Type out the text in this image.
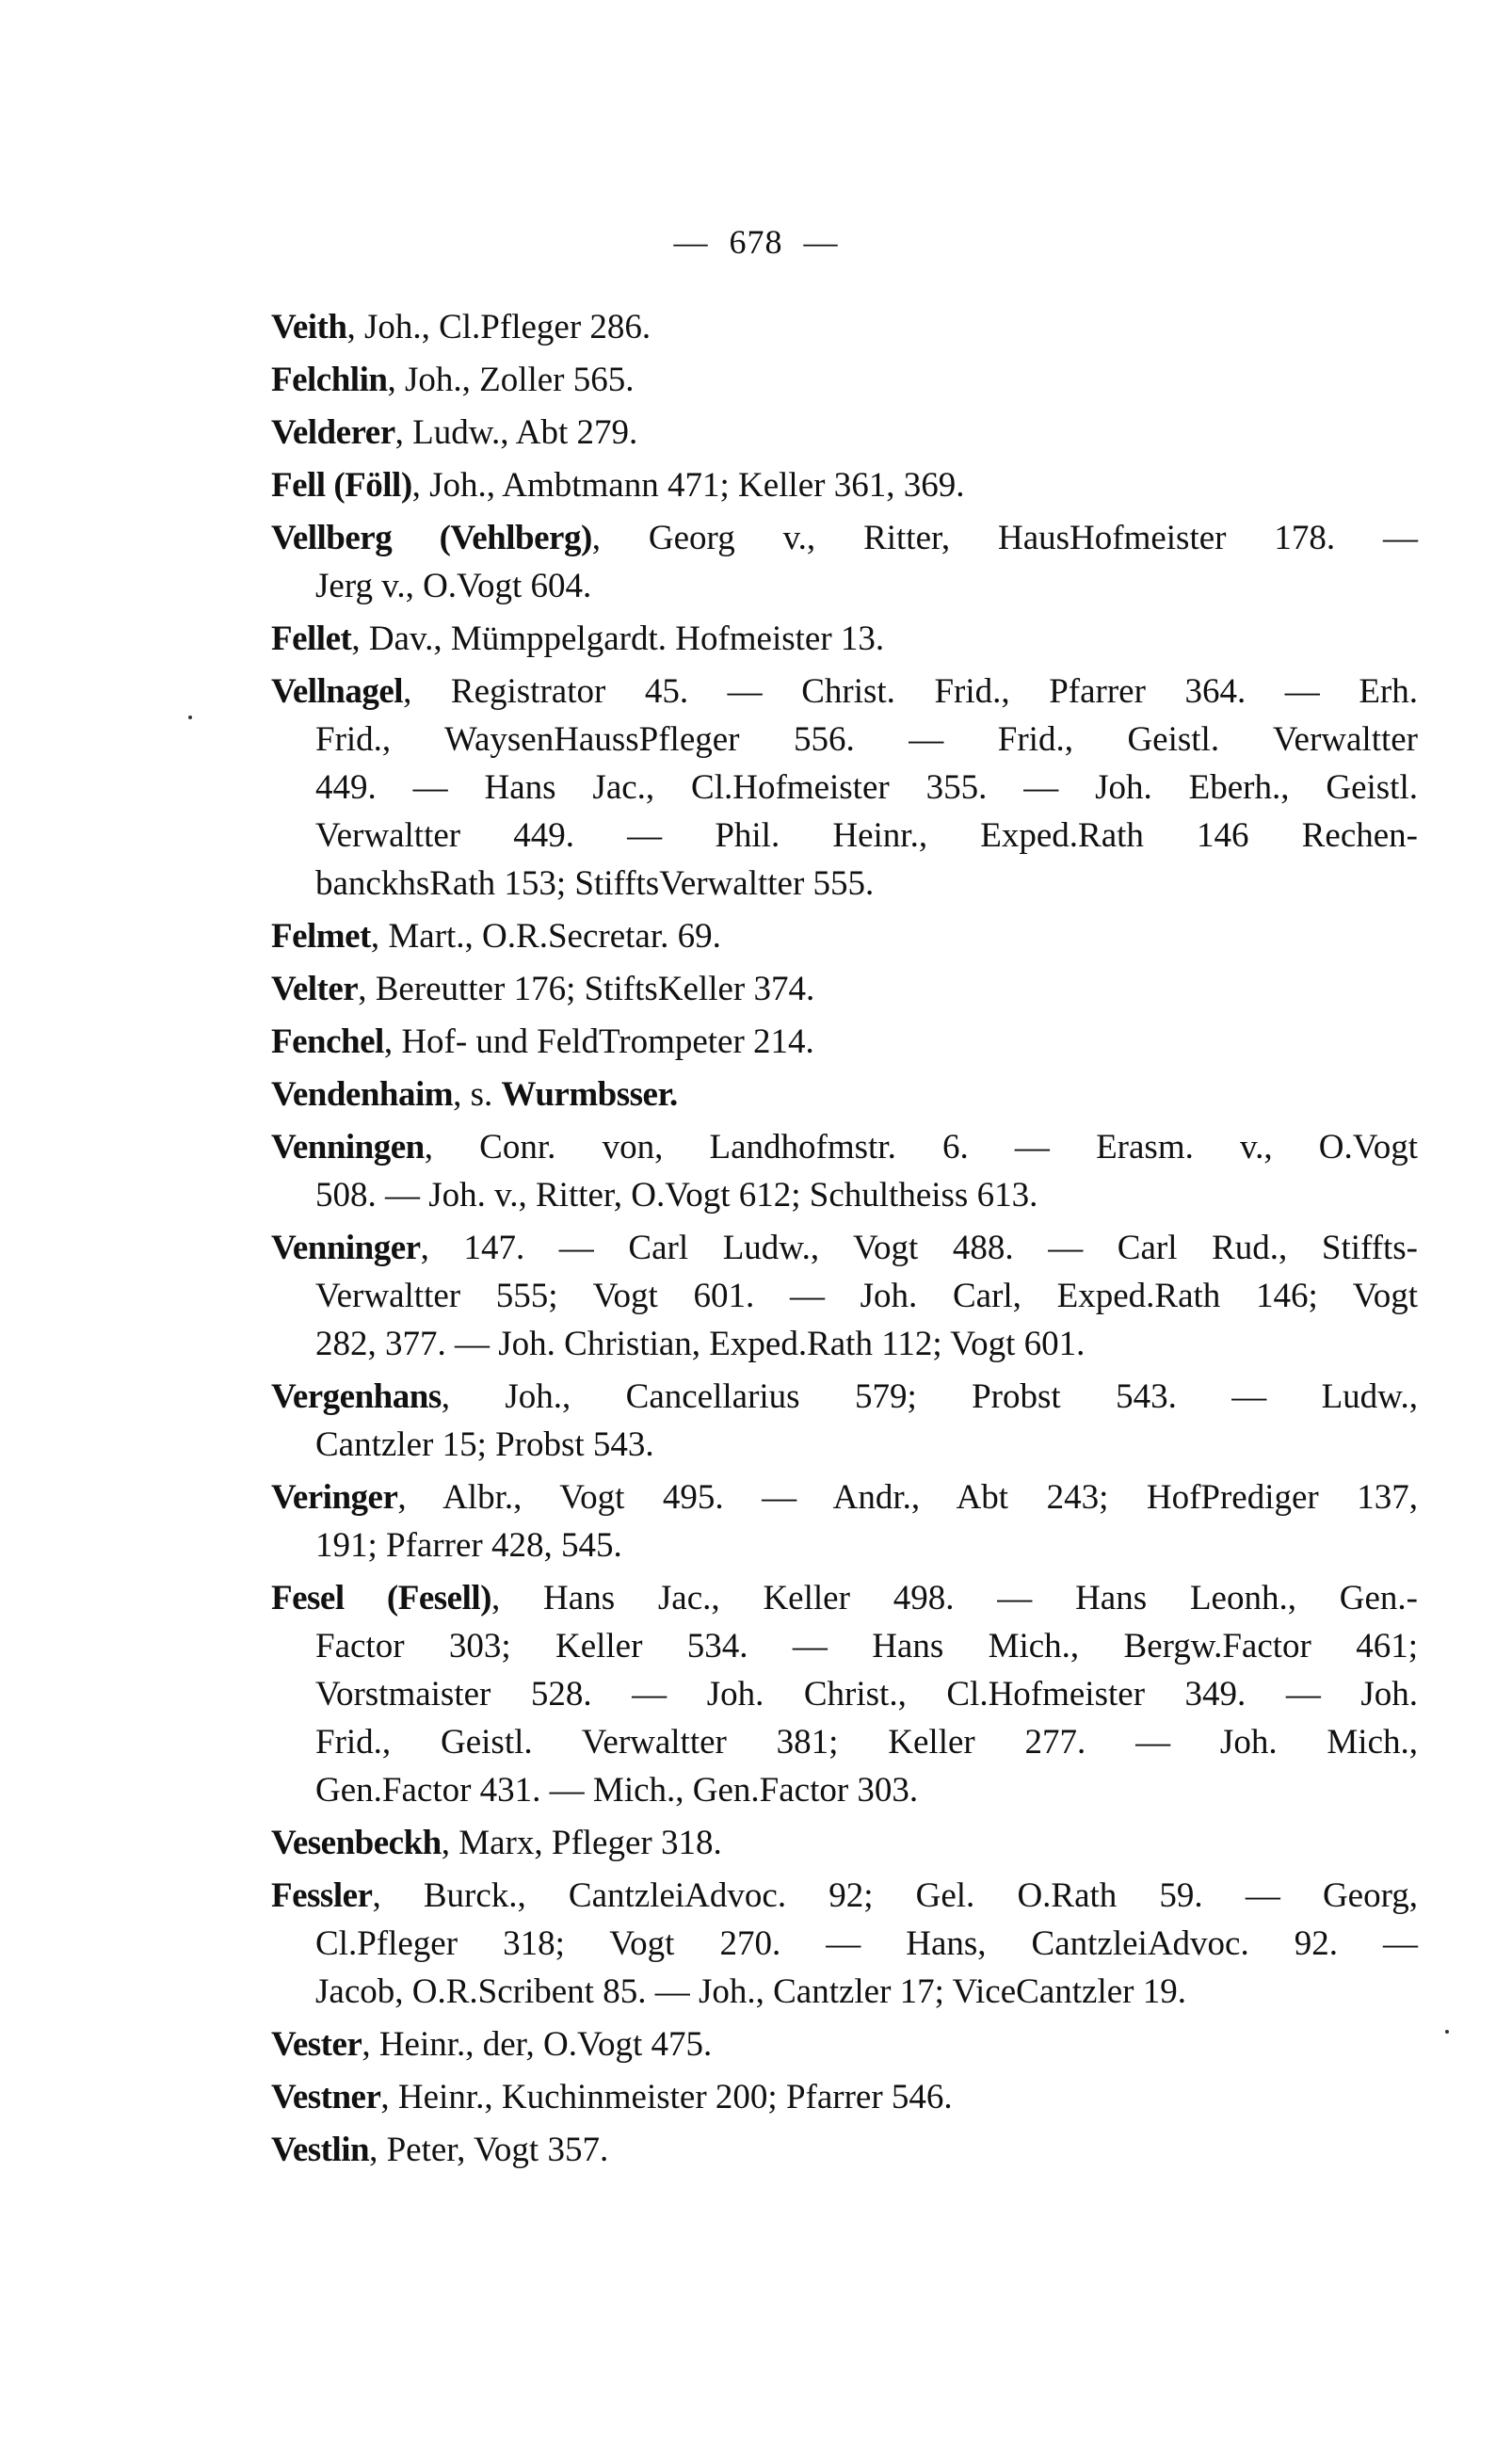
— 678 —
Veith, Joh., Cl.Pfleger 286.
Felchlin, Joh., Zoller 565.
Velderer, Ludw., Abt 279.
Fell (Föll), Joh., Ambtmann 471; Keller 361, 369.
Vellberg (Vehlberg), Georg v., Ritter, HausHofmeister 178. —
Jerg v., O.Vogt 604.
Fellet, Dav., Mümppelgardt. Hofmeister 13.
Vellnagel, Registrator 45. — Christ. Frid., Pfarrer 364. — Erh.
Frid., WaysenHaussPfleger 556. — Frid., Geistl. Verwaltter
449. — Hans Jac., Cl.Hofmeister 355. — Joh. Eberh., Geistl.
Verwaltter 449. — Phil. Heinr., Exped.Rath 146 Rechen-
banckhsRath 153; StifftsVerwaltter 555.
Felmet, Mart., O.R.Secretar. 69.
Velter, Bereutter 176; StiftsKeller 374.
Fenchel, Hof- und FeldTrompeter 214.
Vendenhaim, s. Wurmbsser.
Venningen, Conr. von, Landhofmstr. 6. — Erasm. v., O.Vogt
508. — Joh. v., Ritter, O.Vogt 612; Schultheiss 613.
Venninger, 147. — Carl Ludw., Vogt 488. — Carl Rud., Stiffts-
Verwaltter 555; Vogt 601. — Joh. Carl, Exped.Rath 146; Vogt
282, 377. — Joh. Christian, Exped.Rath 112; Vogt 601.
Vergenhans, Joh., Cancellarius 579; Probst 543. — Ludw.,
Cantzler 15; Probst 543.
Veringer, Albr., Vogt 495. — Andr., Abt 243; HofPrediger 137,
191; Pfarrer 428, 545.
Fesel (Fesell), Hans Jac., Keller 498. — Hans Leonh., Gen.-
Factor 303; Keller 534. — Hans Mich., Bergw.Factor 461;
Vorstmaister 528. — Joh. Christ., Cl.Hofmeister 349. — Joh.
Frid., Geistl. Verwaltter 381; Keller 277. — Joh. Mich.,
Gen.Factor 431. — Mich., Gen.Factor 303.
Vesenbeckh, Marx, Pfleger 318.
Fessler, Burck., CantzleiAdvoc. 92; Gel. O.Rath 59. — Georg,
Cl.Pfleger 318; Vogt 270. — Hans, CantzleiAdvoc. 92. —
Jacob, O.R.Scribent 85. — Joh., Cantzler 17; ViceCantzler 19.
Vester, Heinr., der, O.Vogt 475.
Vestner, Heinr., Kuchinmeister 200; Pfarrer 546.
Vestlin, Peter, Vogt 357.
